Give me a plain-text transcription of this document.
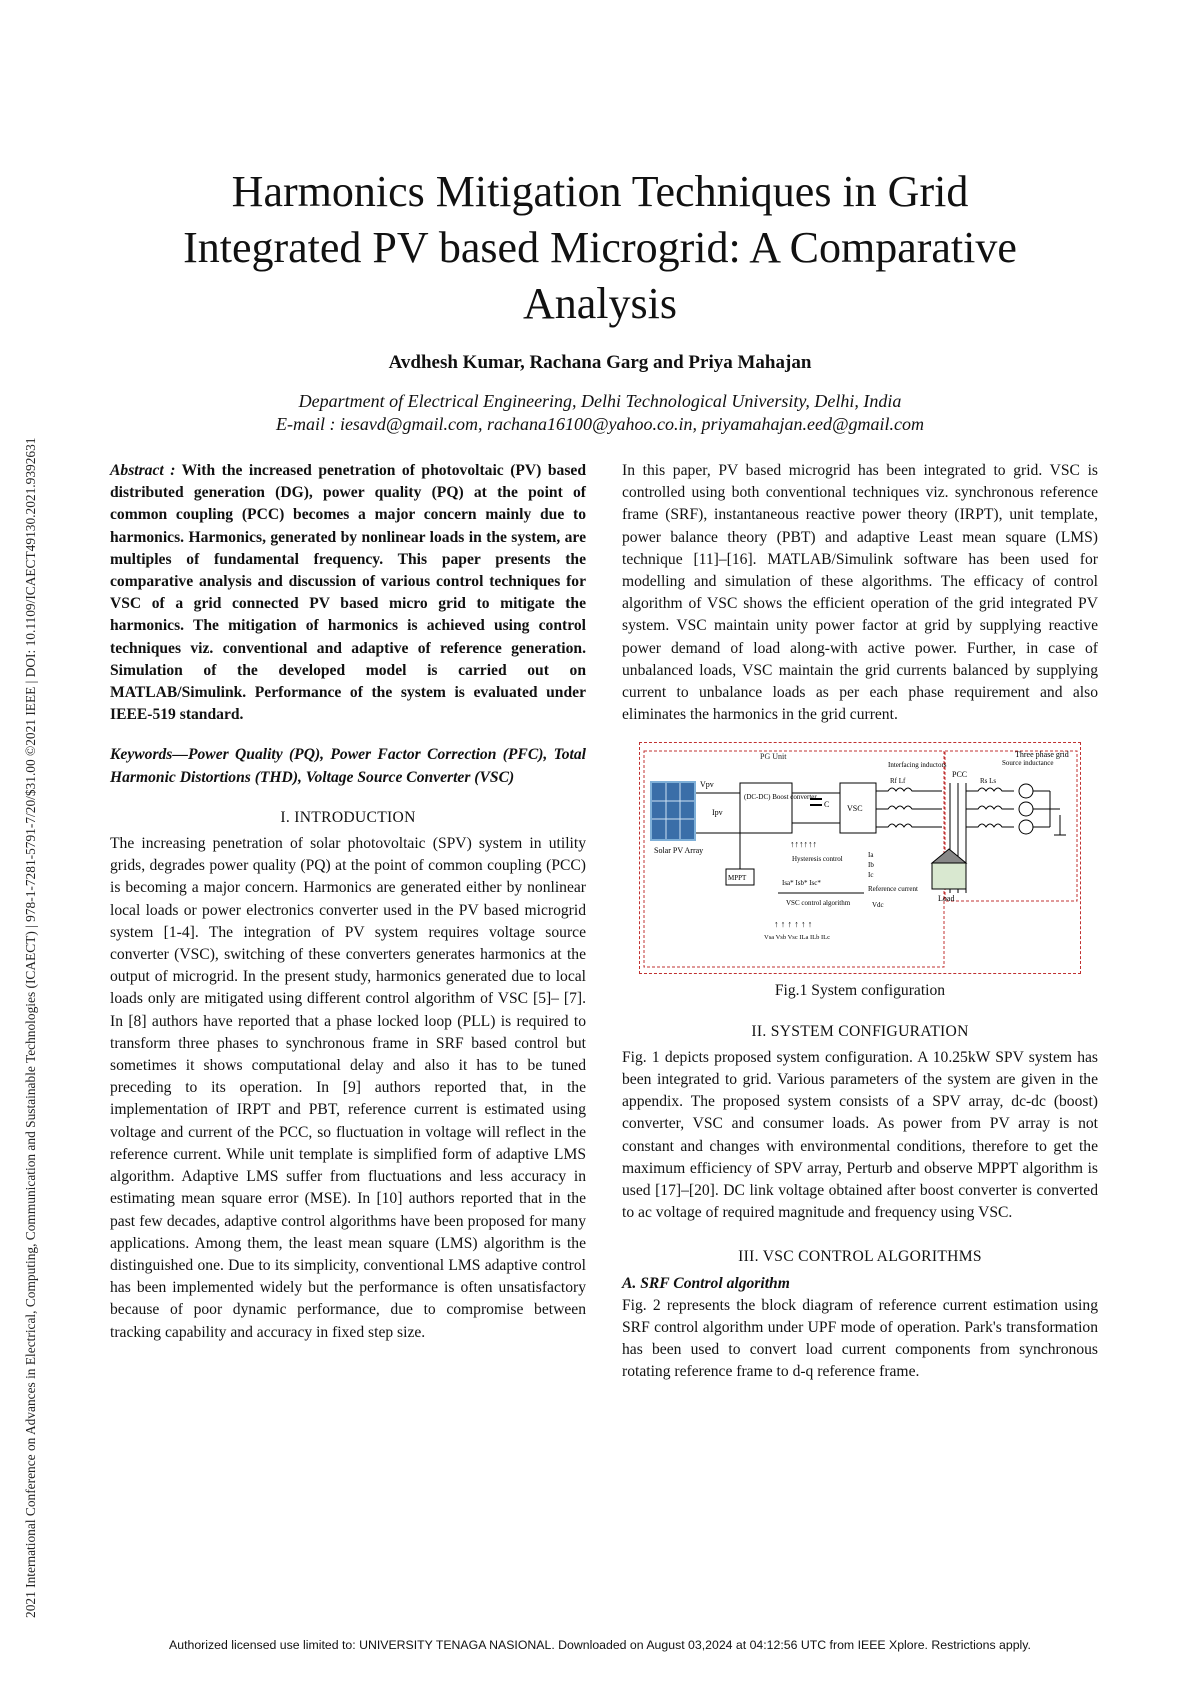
2021 International Conference on Advances in Electrical, Computing, Communication and Sustainable Technologies (ICAECT) | 978-1-7281-5791-7/20/$31.00 ©2021 IEEE | DOI: 10.1109/ICAECT49130.2021.9392631
Harmonics Mitigation Techniques in Grid
Integrated PV based Microgrid: A Comparative
Analysis
Avdhesh Kumar, Rachana Garg and Priya Mahajan
Department of Electrical Engineering, Delhi Technological University, Delhi, India
E-mail : iesavd@gmail.com, rachana16100@yahoo.co.in, priyamahajan.eed@gmail.com

Abstract : With the increased penetration of photovoltaic (PV) based distributed generation (DG), power quality (PQ) at the point of common coupling (PCC) becomes a major concern mainly due to harmonics. Harmonics, generated by nonlinear loads in the system, are multiples of fundamental frequency. This paper presents the comparative analysis and discussion of various control techniques for VSC of a grid connected PV based micro grid to mitigate the harmonics. The mitigation of harmonics is achieved using control techniques viz. conventional and adaptive of reference generation. Simulation of the developed model is carried out on MATLAB/Simulink. Performance of the system is evaluated under IEEE-519 standard.

Keywords—Power Quality (PQ), Power Factor Correction (PFC), Total Harmonic Distortions (THD), Voltage Source Converter (VSC)

I. INTRODUCTION

The increasing penetration of solar photovoltaic (SPV) system in utility grids, degrades power quality (PQ) at the point of common coupling (PCC) is becoming a major concern. Harmonics are generated either by nonlinear local loads or power electronics converter used in the PV based microgrid system [1-4]. The integration of PV system requires voltage source converter (VSC), switching of these converters generates harmonics at the output of microgrid. In the present study, harmonics generated due to local loads only are mitigated using different control algorithm of VSC [5]– [7]. In [8] authors have reported that a phase locked loop (PLL) is required to transform three phases to synchronous frame in SRF based control but sometimes it shows computational delay and also it has to be tuned preceding to its operation. In [9] authors reported that, in the implementation of IRPT and PBT, reference current is estimated using voltage and current of the PCC, so fluctuation in voltage will reflect in the reference current. While unit template is simplified form of adaptive LMS algorithm. Adaptive LMS suffer from fluctuations and less accuracy in estimating mean square error (MSE). In [10] authors reported that in the past few decades, adaptive control algorithms have been proposed for many applications. Among them, the least mean square (LMS) algorithm is the distinguished one. Due to its simplicity, conventional LMS adaptive control has been implemented widely but the performance is often unsatisfactory because of poor dynamic performance, due to compromise between tracking capability and accuracy in fixed step size.

In this paper, PV based microgrid has been integrated to grid. VSC is controlled using both conventional techniques viz. synchronous reference frame (SRF), instantaneous reactive power theory (IRPT), unit template, power balance theory (PBT) and adaptive Least mean square (LMS) technique [11]–[16]. MATLAB/Simulink software has been used for modelling and simulation of these algorithms. The efficacy of control algorithm of VSC shows the efficient operation of the grid integrated PV system. VSC maintain unity power factor at grid by supplying reactive power demand of load along-with active power. Further, in case of unbalanced loads, VSC maintain the grid currents balanced by supplying current to unbalance loads as per each phase requirement and also eliminates the harmonics in the grid current.

PG Unit	Three phase grid
Solar PV Array
Vpv
Ipv
(DC-DC) Boost converter
C VSC
Interfacing inductors
Rf Lf
PCC
Source inductance
Rs Ls
Load
MPPT
↑↑↑↑↑↑
Hysteresis control	Ia
Ib
Ic
Isa* Isb* Isc*
Reference current
VSC control algorithm	Vdc
↑ ↑ ↑ ↑ ↑ ↑
Vsa Vsb Vsc ILa ILb ILc
Fig.1 System configuration
II. SYSTEM CONFIGURATION

Fig. 1 depicts proposed system configuration. A 10.25kW SPV system has been integrated to grid. Various parameters of the system are given in the appendix. The proposed system consists of a SPV array, dc-dc (boost) converter, VSC and consumer loads. As power from PV array is not constant and changes with environmental conditions, therefore to get the maximum efficiency of SPV array, Perturb and observe MPPT algorithm is used [17]–[20]. DC link voltage obtained after boost converter is converted to ac voltage of required magnitude and frequency using VSC.

III. VSC CONTROL ALGORITHMS
A. SRF Control algorithm

Fig. 2 represents the block diagram of reference current estimation using SRF control algorithm under UPF mode of operation. Park's transformation has been used to convert load current components from synchronous rotating reference frame to d-q reference frame.

Authorized licensed use limited to: UNIVERSITY TENAGA NASIONAL. Downloaded on August 03,2024 at 04:12:56 UTC from IEEE Xplore. Restrictions apply.
